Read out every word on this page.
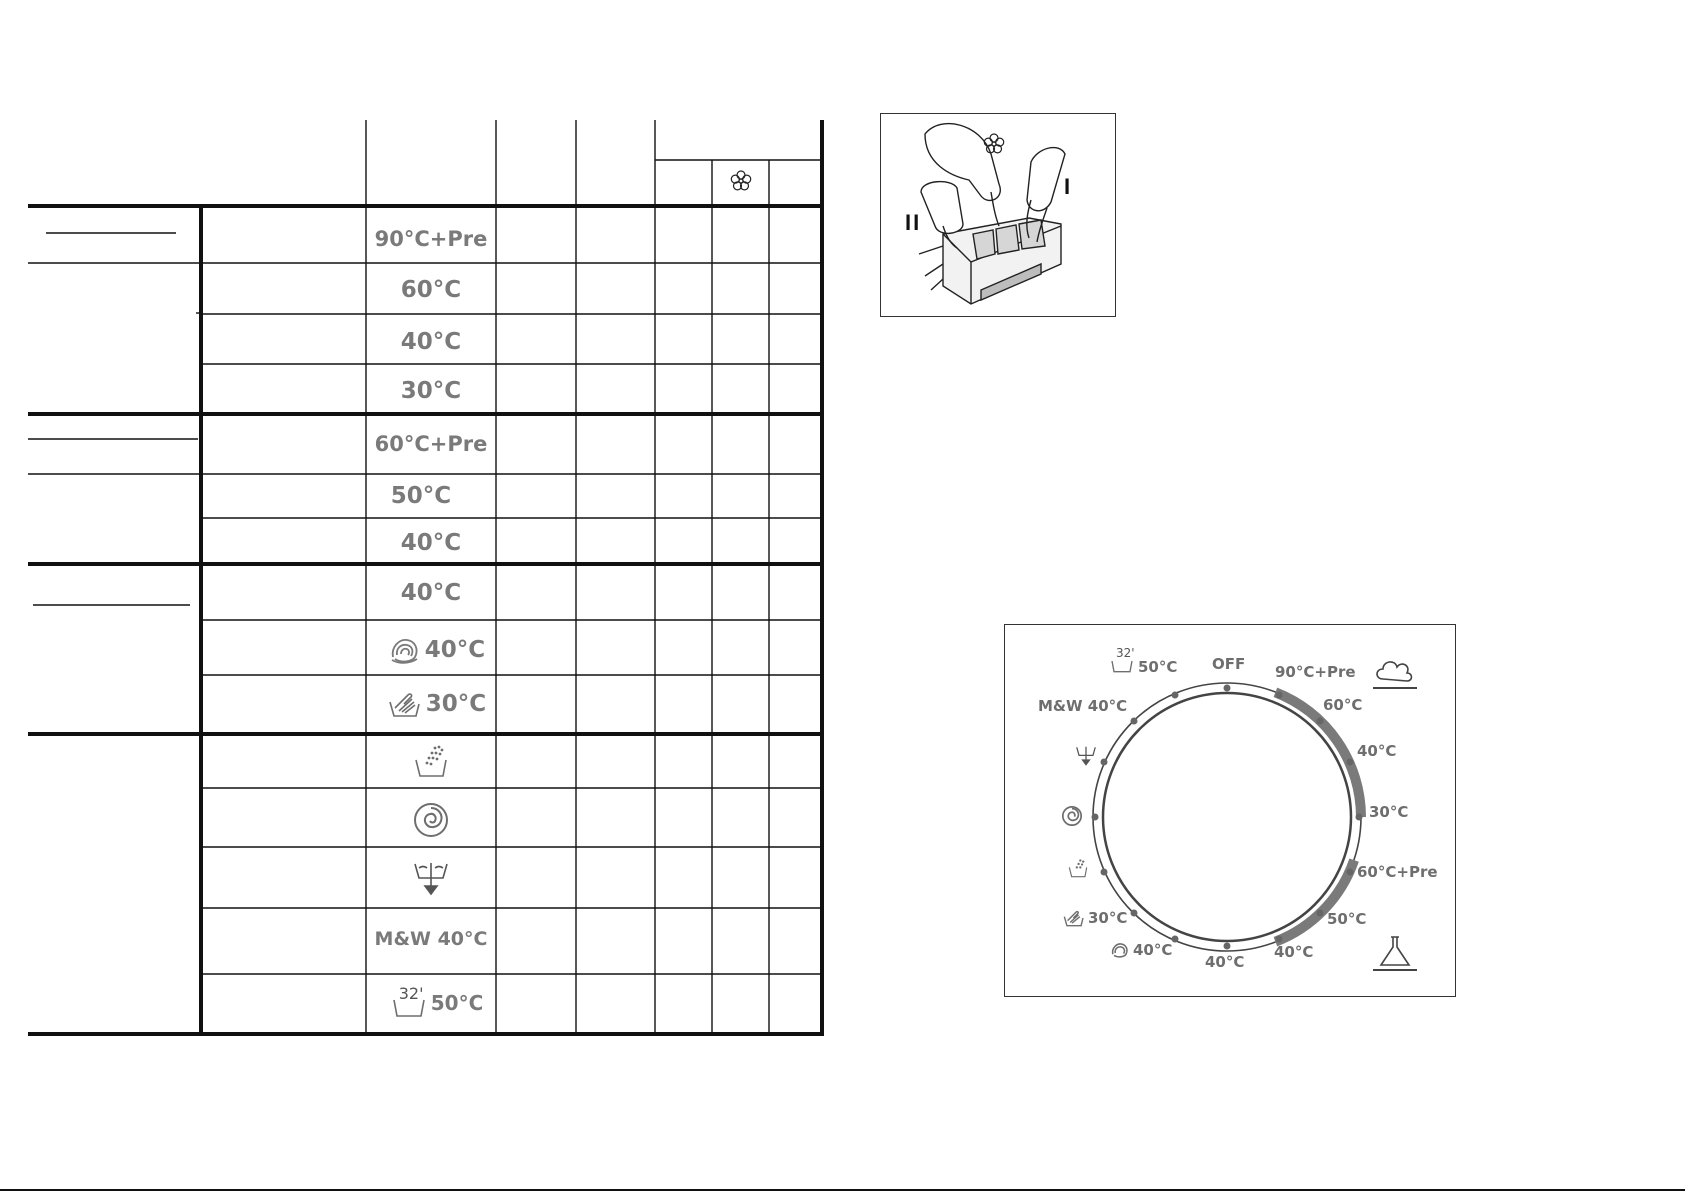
90°C+Pre
60°C
40°C
30°C
60°C+Pre
50°C
40°C
40°C
40°C
30°C
M&W 40°C
32' 50°C
I
II
OFF 90°C+Pre
60°C
40°C
30°C
60°C+Pre
50°C
40°C
40°C
40°C
30°C
M&W 40°C
32'
50°C
